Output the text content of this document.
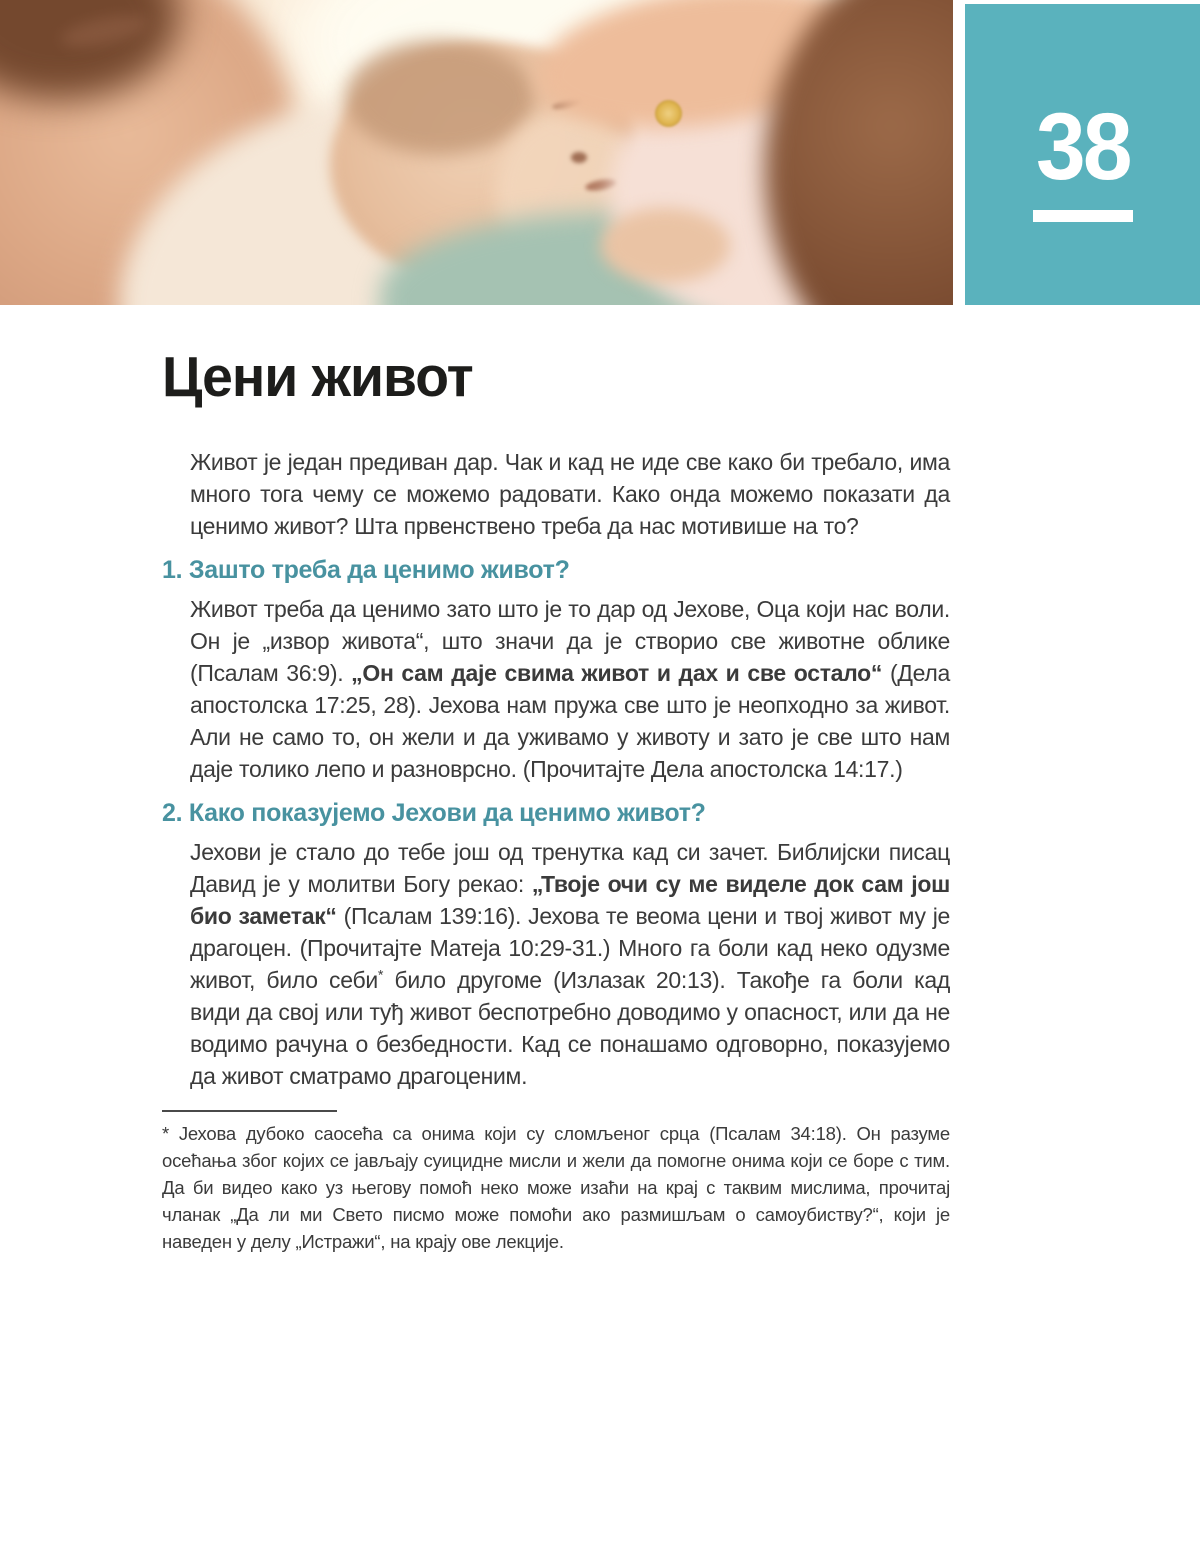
38
Цени живот

Живот је један предиван дар. Чак и кад не иде све како би требало, има много тога чему се можемо радовати. Како онда можемо показати да ценимо живот? Шта првенствено треба да нас мотивише на то?

1. Зашто треба да ценимо живот?

Живот треба да ценимо зато што је то дар од Јехове, Оца који нас воли. Он је „извор живота“, што значи да је створио све животне облике (Псалам 36:9). „Он сам даје свима живот и дах и све остало“ (Дела апостолска 17:25, 28). Јехова нам пружа све што је неопходно за живот. Али не само то, он жели и да уживамо у животу и зато је све што нам даје толико лепо и разноврсно. (Прочитајте Дела апостолска 14:17.)

2. Како показујемо Јехови да ценимо живот?

Јехови је стало до тебе још од тренутка кад си зачет. Библијски писац Давид је у молитви Богу рекао: „Твоје очи су ме виделе док сам још био заметак“ (Псалам 139:16). Јехова те веома цени и твој живот му је драгоцен. (Прочитајте Матеја 10:29-31.) Много га боли кад неко одузме живот, било себи* било другоме (Излазак 20:13). Такође га боли кад види да свој или туђ живот беспотребно доводимо у опасност, или да не водимо рачуна о безбедности. Кад се понашамо одговорно, показујемо да живот сматрамо драгоценим.

* Јехова дубоко саосећа са онима који су сломљеног срца (Псалам 34:18). Он разуме осећања због којих се јављају суицидне мисли и жели да помогне онима који се боре с тим. Да би видео како уз његову помоћ неко може изаћи на крај с таквим мислима, прочитај чланак „Да ли ми Свето писмо може помоћи ако размишљам о самоубиству?“, који је наведен у делу „Истражи“, на крају ове лекције.
